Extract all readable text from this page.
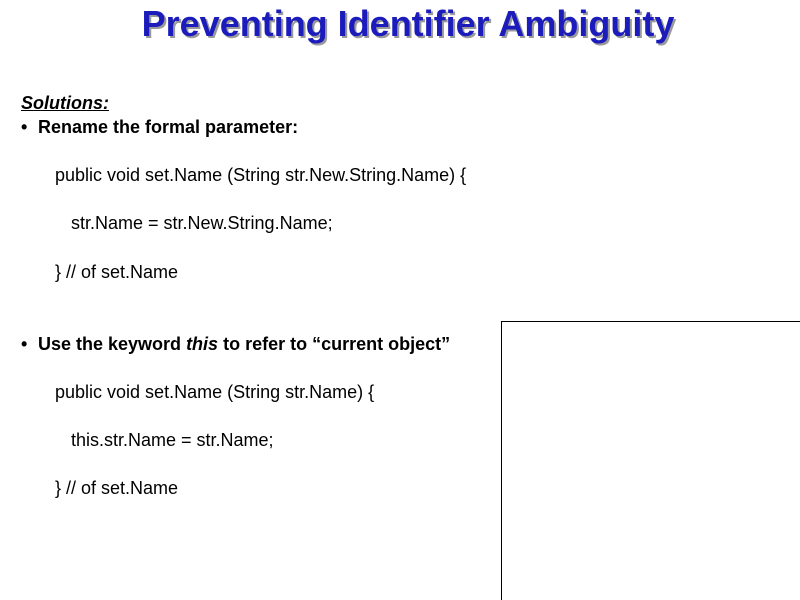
Preventing Identifier Ambiguity
Solutions:
• Rename the formal parameter:
public void set.Name (String str.New.String.Name) {
str.Name = str.New.String.Name;
} // of set.Name
• Use the keyword this to refer to “current object”
public void set.Name (String str.Name) {
this.str.Name = str.Name;
} // of set.Name
